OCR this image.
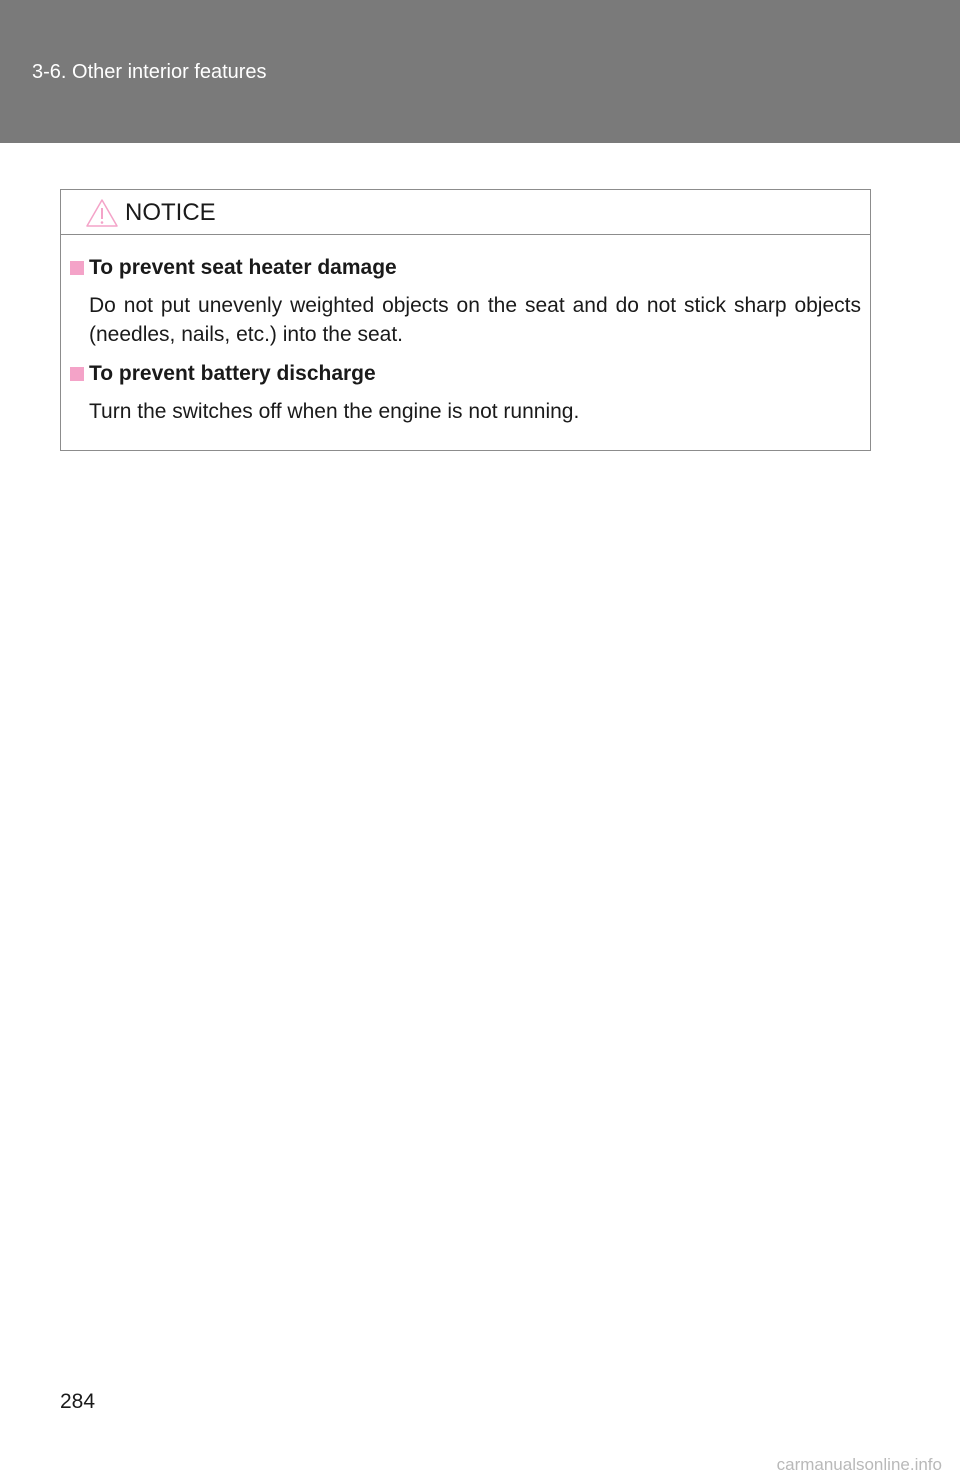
3-6. Other interior features
NOTICE
To prevent seat heater damage
Do not put unevenly weighted objects on the seat and do not stick sharp objects (needles, nails, etc.) into the seat.
To prevent battery discharge
Turn the switches off when the engine is not running.
284
carmanualsonline.info
